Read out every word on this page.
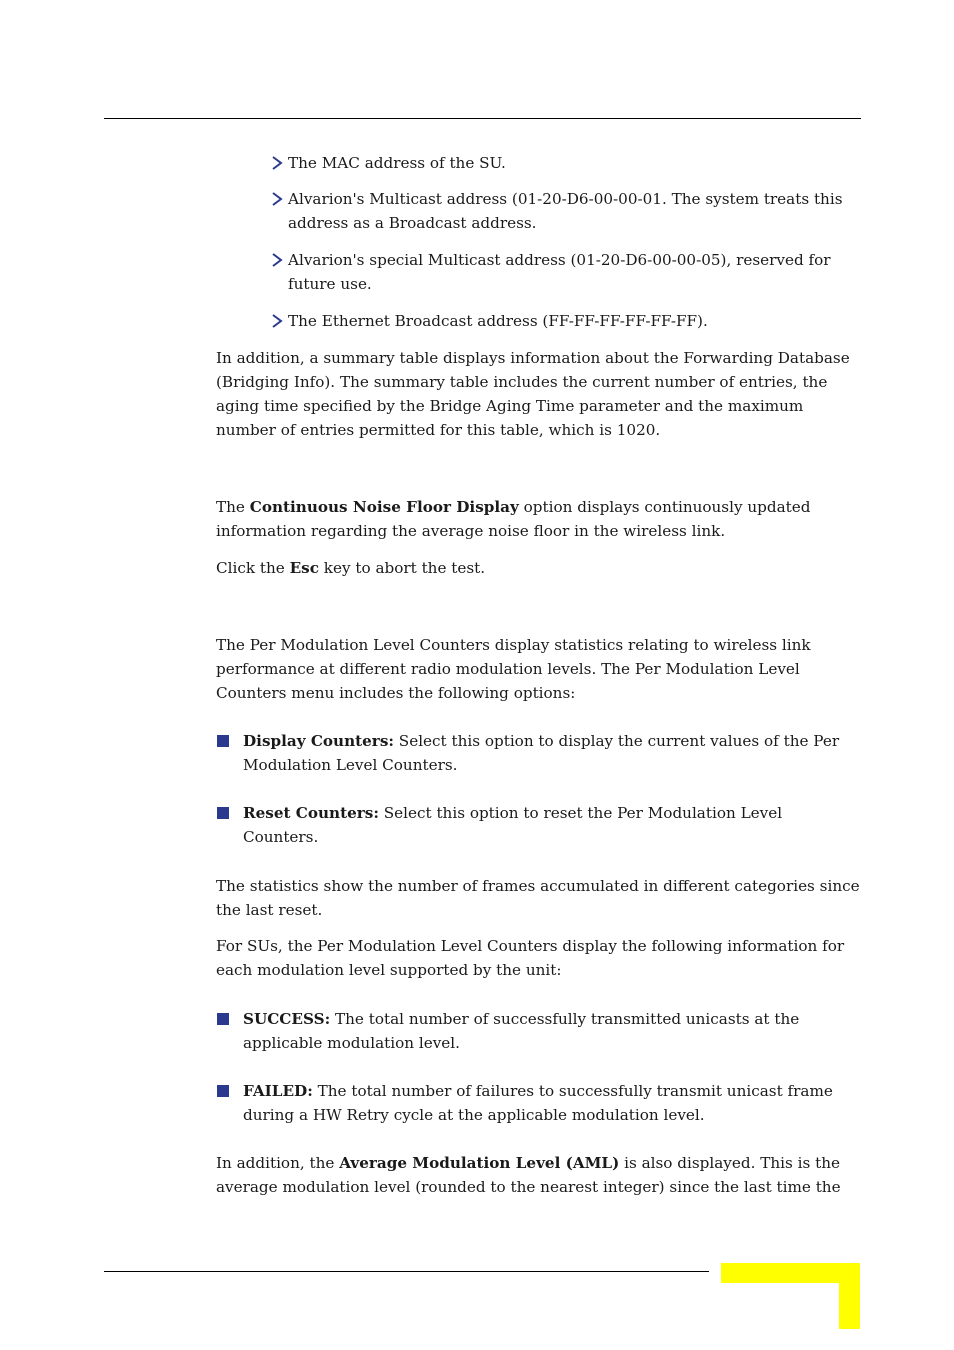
The MAC address of the SU.

Alvarion's Multicast address (01-20-D6-00-00-01. The system treats this address as a Broadcast address.

Alvarion's special Multicast address (01-20-D6-00-00-05), reserved for future use.

The Ethernet Broadcast address (FF-FF-FF-FF-FF-FF).

In addition, a summary table displays information about the Forwarding Database (Bridging Info). The summary table includes the current number of entries, the aging time specified by the Bridge Aging Time parameter and the maximum number of entries permitted for this table, which is 1020.

The Continuous Noise Floor Display option displays continuously updated information regarding the average noise floor in the wireless link.

Click the Esc key to abort the test.

The Per Modulation Level Counters display statistics relating to wireless link performance at different radio modulation levels. The Per Modulation Level Counters menu includes the following options:

Display Counters: Select this option to display the current values of the Per Modulation Level Counters.

Reset Counters: Select this option to reset the Per Modulation Level Counters.

The statistics show the number of frames accumulated in different categories since the last reset.

For SUs, the Per Modulation Level Counters display the following information for each modulation level supported by the unit:

SUCCESS: The total number of successfully transmitted unicasts at the applicable modulation level.

FAILED: The total number of failures to successfully transmit unicast frame during a HW Retry cycle at the applicable modulation level.

In addition, the Average Modulation Level (AML) is also displayed. This is the average modulation level (rounded to the nearest integer) since the last time the
